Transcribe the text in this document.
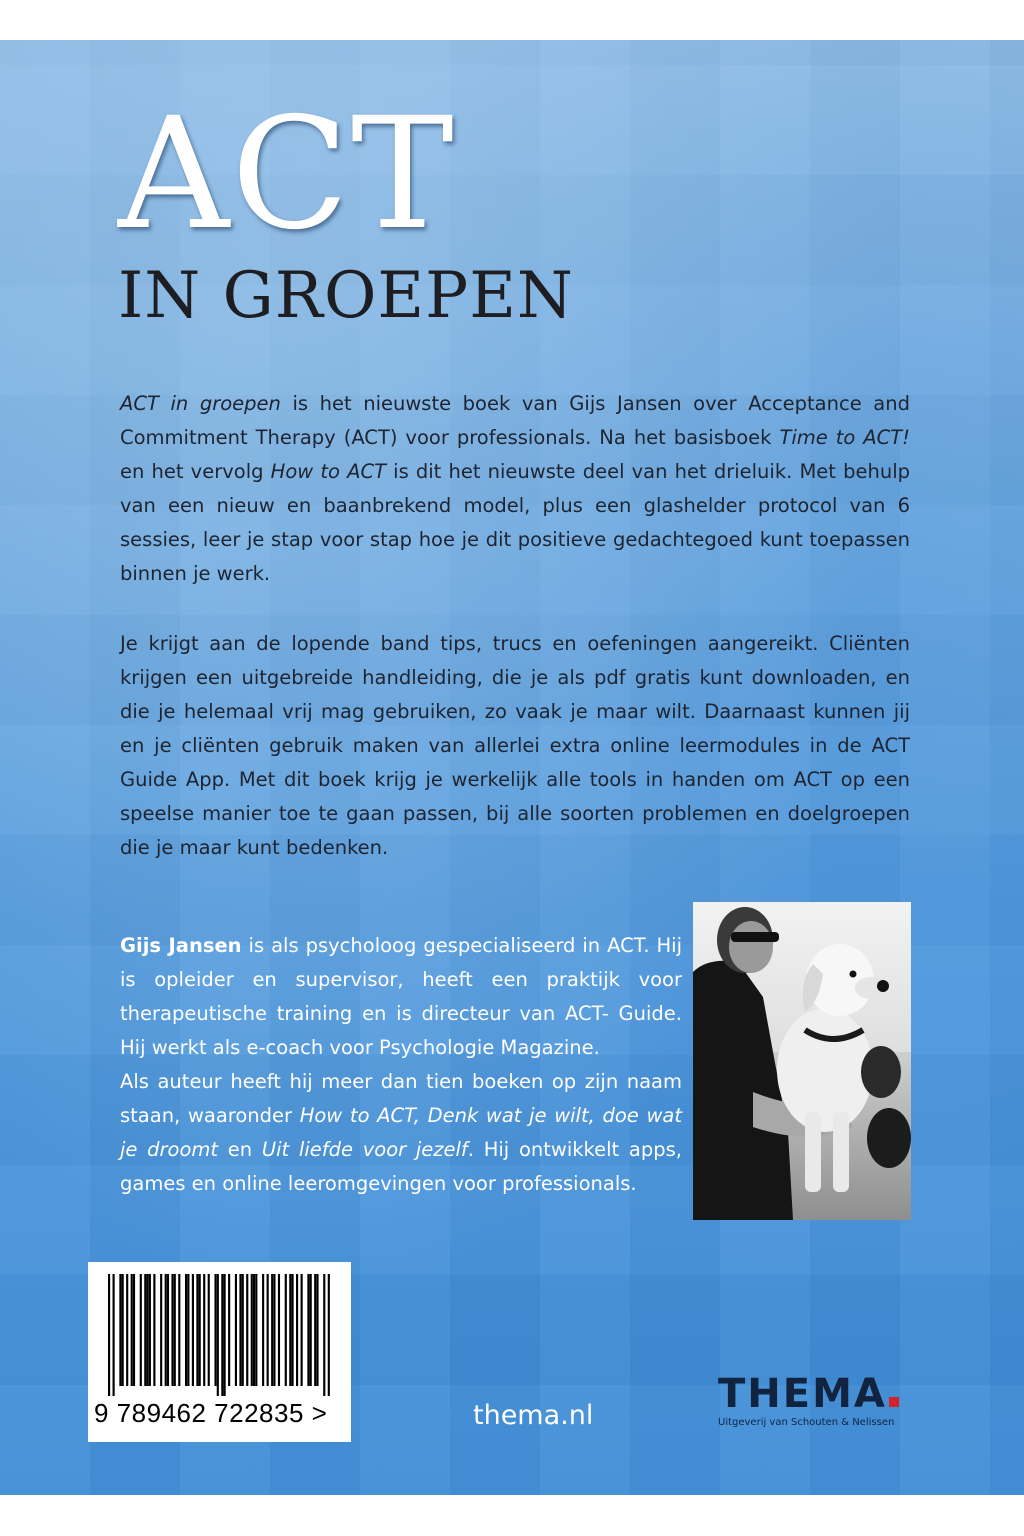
ACT
IN GROEPEN

ACT in groepen is het nieuwste boek van Gijs Jansen over Acceptance and Commitment Therapy (ACT) voor professionals. Na het basisboek Time to ACT! en het vervolg How to ACT is dit het nieuwste deel van het drieluik. Met behulp van een nieuw en baanbrekend model, plus een glashelder protocol van 6 sessies, leer je stap voor stap hoe je dit positieve gedachtegoed kunt toepassen binnen je werk.

Je krijgt aan de lopende band tips, trucs en oefeningen aangereikt. Cliënten krijgen een uitgebreide handleiding, die je als pdf gratis kunt downloaden, en die je helemaal vrij mag gebruiken, zo vaak je maar wilt. Daarnaast kunnen jij en je cliënten gebruik maken van allerlei extra online leermodules in de ACT Guide App. Met dit boek krijg je werkelijk alle tools in handen om ACT op een speelse manier toe te gaan passen, bij alle soorten problemen en doelgroepen die je maar kunt bedenken.

Gijs Jansen is als psycholoog gespecialiseerd in ACT. Hij is opleider en supervisor, heeft een praktijk voor therapeutische training en is directeur van ACT- Guide. Hij werkt als e-coach voor Psychologie Magazine.
Als auteur heeft hij meer dan tien boeken op zijn naam staan, waaronder How to ACT, Denk wat je wilt, doe wat je droomt en Uit liefde voor jezelf. Hij ontwikkelt apps, games en online leeromgevingen voor professionals.

9 789462 722835 >	thema.nl	THEMA
Uitgeverij van Schouten & Nelissen
